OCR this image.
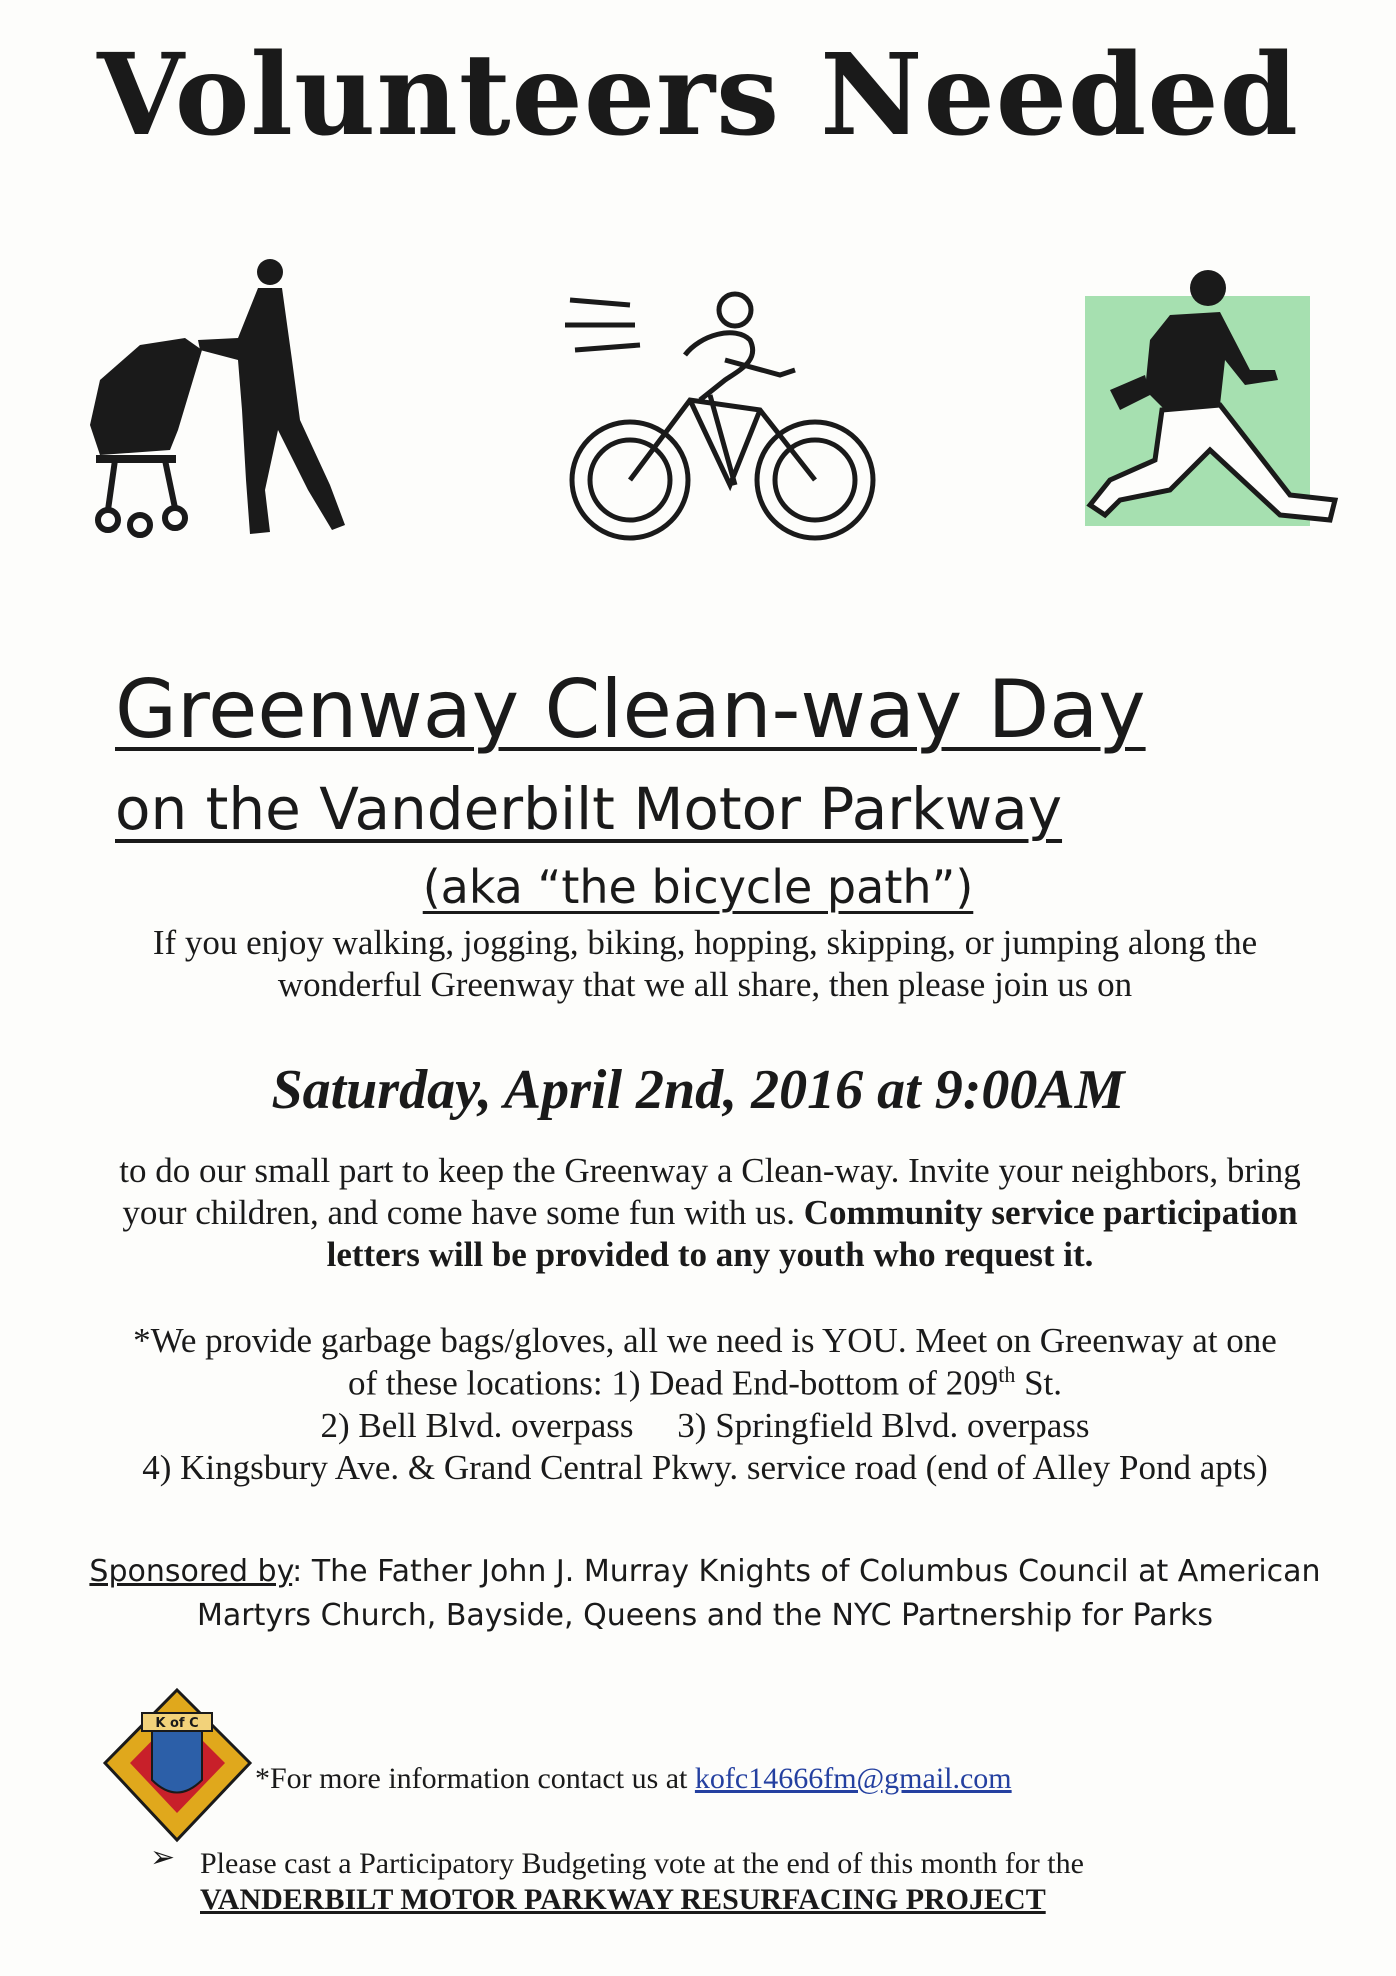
Volunteers Needed
Greenway Clean-way Day
on the Vanderbilt Motor Parkway
(aka “the bicycle path”)
If you enjoy walking, jogging, biking, hopping, skipping, or jumping along the wonderful Greenway that we all share, then please join us on
Saturday, April 2nd, 2016 at 9:00AM
to do our small part to keep the Greenway a Clean-way. Invite your neighbors, bring your children, and come have some fun with us. Community service participation letters will be provided to any youth who request it.
*We provide garbage bags/gloves, all we need is YOU. Meet on Greenway at one
of these locations: 1) Dead End-bottom of 209th St.
2) Bell Blvd. overpass 3) Springfield Blvd. overpass
4) Kingsbury Ave. & Grand Central Pkwy. service road (end of Alley Pond apts)
Sponsored by: The Father John J. Murray Knights of Columbus Council at American Martyrs Church, Bayside, Queens and the NYC Partnership for Parks
K of C
*For more information contact us at kofc14666fm@gmail.com
➢ Please cast a Participatory Budgeting vote at the end of this month for the
VANDERBILT MOTOR PARKWAY RESURFACING PROJECT
